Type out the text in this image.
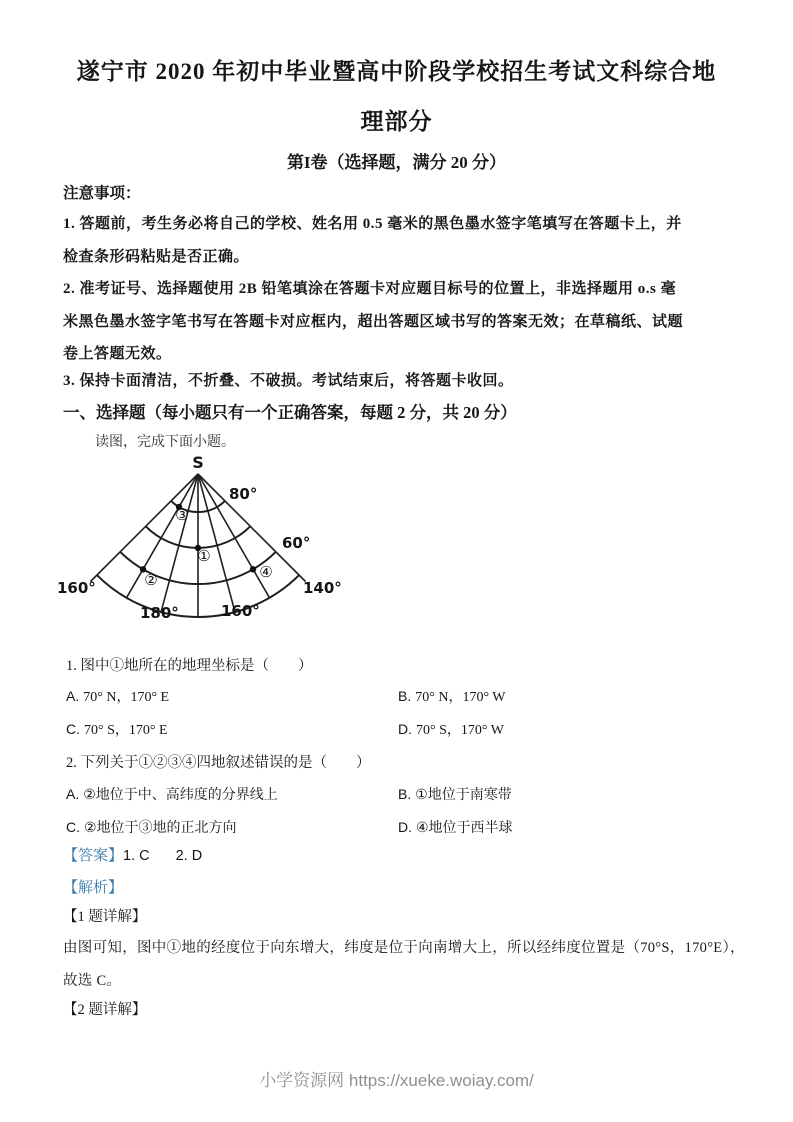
遂宁市 2020 年初中毕业暨高中阶段学校招生考试文科综合地
理部分
第I卷（选择题，满分 20 分）
注意事项：
1. 答题前，考生务必将自己的学校、姓名用 0.5 毫米的黑色墨水签字笔填写在答题卡上，并
检查条形码粘贴是否正确。
2. 准考证号、选择题使用 2B 铅笔填涂在答题卡对应题目标号的位置上，非选择题用 o.s 毫
米黑色墨水签字笔书写在答题卡对应框内，超出答题区域书写的答案无效；在草稿纸、试题
卷上答题无效。
3. 保持卡面清洁，不折叠、不破损。考试结束后，将答题卡收回。
一、选择题（每小题只有一个正确答案，每题 2 分，共 20 分）
读图，完成下面小题。
S
80°
60°
160°	140°
180°	160°
③
①
②	④
1. 图中①地所在的地理坐标是（　　）
A. 70° N，170° E	B. 70° N，170° W
C. 70° S，170° E	D. 70° S，170° W
2. 下列关于①②③④四地叙述错误的是（　　）
A. ②地位于中、高纬度的分界线上	B. ①地位于南寒带
C. ②地位于③地的正北方向	D. ④地位于西半球
【答案】1. C 2. D
【解析】
【1 题详解】
由图可知，图中①地的经度位于向东增大，纬度是位于向南增大上，所以经纬度位置是（70°S，170°E），
故选 C。
【2 题详解】
小学资源网 https://xueke.woiay.com/
